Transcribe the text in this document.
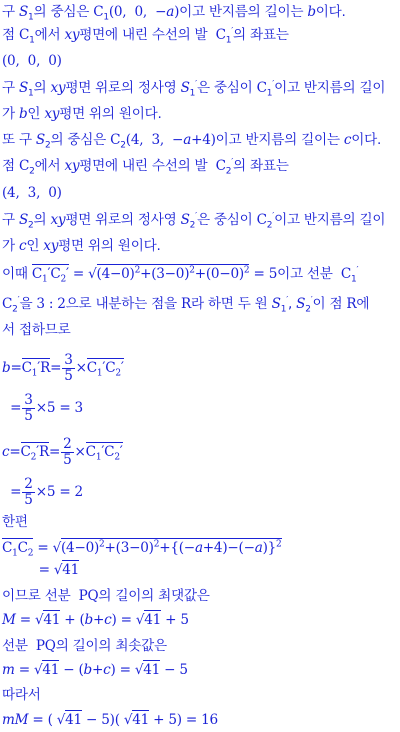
구 $S_1$의 중심은 $C_1(0$,  0,  −a)이고 반지름의 길이는 b이다.
점 $C_1$에서 xy평면에 내린 수선의 발  $C_1'$의 좌표는
(0,  0,  0)
구 $S_1$의 xy평면 위로의 정사영 $S_1'$은 중심이 $C_1'$이고 반지름의 길이
가 b인 xy평면 위의 원이다.
또 구 $S_2$의 중심은 $C_2(4$,  3,  −a+4)이고 반지름의 길이는 c이다.
점 $C_2$에서 xy평면에 내린 수선의 발  $C_2'$의 좌표는
(4,  3,  0)
구 $S_2$의 xy평면 위로의 정사영 $S_2'$은 중심이 $C_2'$이고 반지름의 길이
가 c인 xy평면 위의 원이다.
이때 $C_1'C_2' = √(4-0)^2+(3-0)^2+(0-0)^2 = 5$이고 선분  $C_1'$
$C_2'$을 3 : 2으로 내분하는 점을 R라 하면 두 원 $S_1'$, $S_2'$이 점 R에
서 접하므로
$b=C_1'R= \frac{3}{5} \times C_1'C_2'$
= $\frac{3}{5} \times 5 = 3$
$c=C_2'R= \frac{2}{5} \times C_1'C_2'$
= $\frac{2}{5} \times 5 = 2$
한편
$C_1C_2 = √(4-0)^2+(3-0)^2+\{(-a+4)-(-a)\}^2$
= √41
이므로 선분  PQ의 길이의 최댓값은
M = √41 + (b+c) = √41 + 5
선분  PQ의 길이의 최솟값은
m = √41 − (b+c) = √41 − 5
따라서
mM = ( √41 − 5)( √41 + 5) = 16
